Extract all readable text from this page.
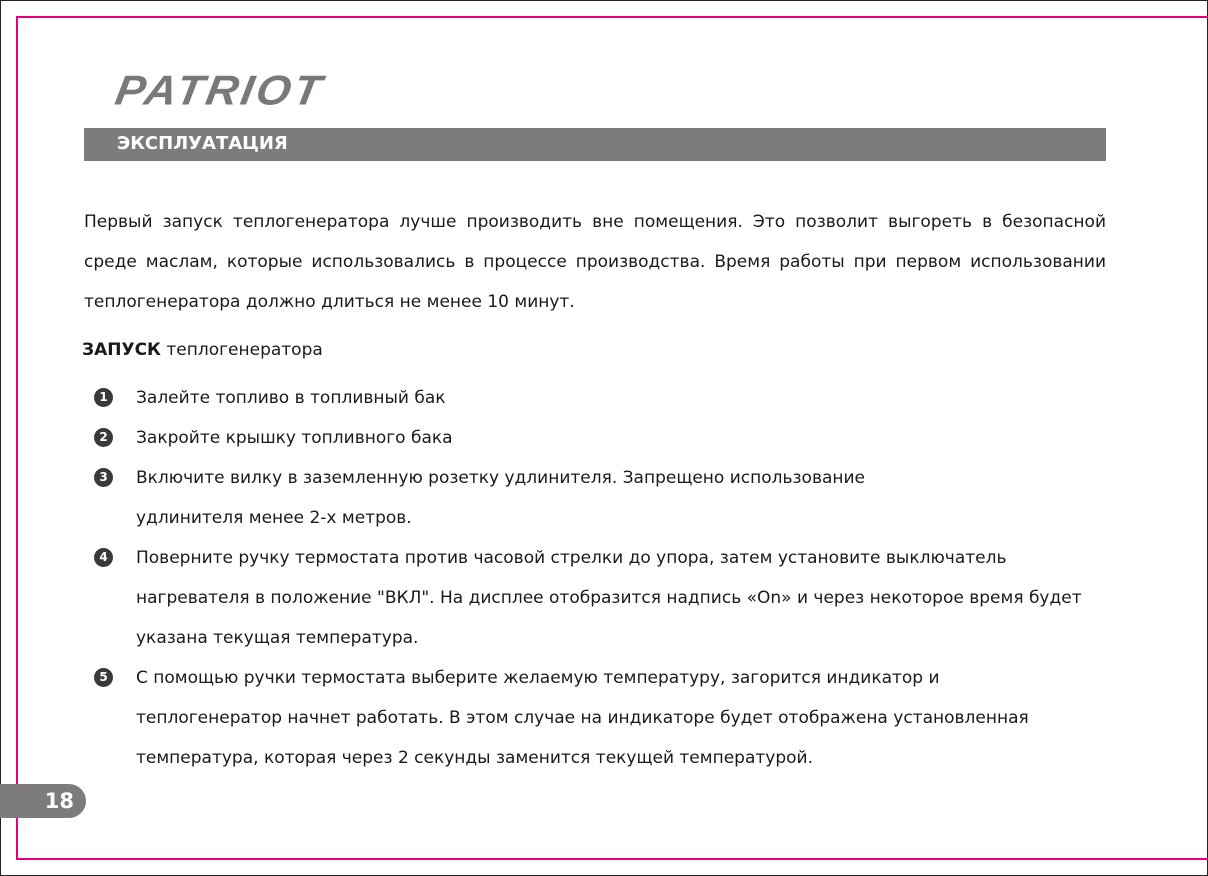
PATRIOT
ЭКСПЛУАТАЦИЯ
Первый запуск теплогенератора лучше производить вне помещения. Это позволит выгореть в безопасной среде маслам, которые использовались в процессе производства. Время работы при первом использовании теплогенератора должно длиться не менее 10 минут.
ЗАПУСК теплогенератора
1	Залейте топливо в топливный бак
2	Закройте крышку топливного бака
3	Включите вилку в заземленную розетку удлинителя. Запрещено использование удлинителя менее 2-х метров.
4	Поверните ручку термостата против часовой стрелки до упора, затем установите выключатель нагревателя в положение "ВКЛ". На дисплее отобразится надпись «On» и через некоторое время будет указана текущая температура.
5	С помощью ручки термостата выберите желаемую температуру, загорится индикатор и теплогенератор начнет работать. В этом случае на индикаторе будет отображена установленная температура, которая через 2 секунды заменится текущей температурой.
18
